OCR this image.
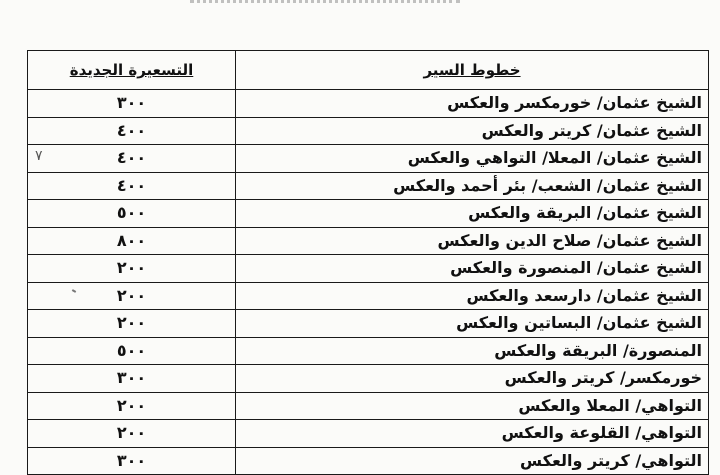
خطوط السير	التسعيرة الجديدة
الشيخ عثمان/ خورمكسر والعكس	٣٠٠
الشيخ عثمان/ كريتر والعكس	٤٠٠
الشيخ عثمان/ المعلا/ التواهي والعكس	٤٠٠
الشيخ عثمان/ الشعب/ بئر أحمد والعكس	٤٠٠
الشيخ عثمان/ البريقة والعكس	٥٠٠
الشيخ عثمان/ صلاح الدين والعكس	٨٠٠
الشيخ عثمان/ المنصورة والعكس	٢٠٠
الشيخ عثمان/ دارسعد والعكس	٢٠٠
الشيخ عثمان/ البساتين والعكس	٢٠٠
المنصورة/ البريقة والعكس	٥٠٠
خورمكسر/ كريتر والعكس	٣٠٠
التواهي/ المعلا والعكس	٢٠٠
التواهي/ القلوعة والعكس	٢٠٠
التواهي/ كريتر والعكس	٣٠٠
٧
